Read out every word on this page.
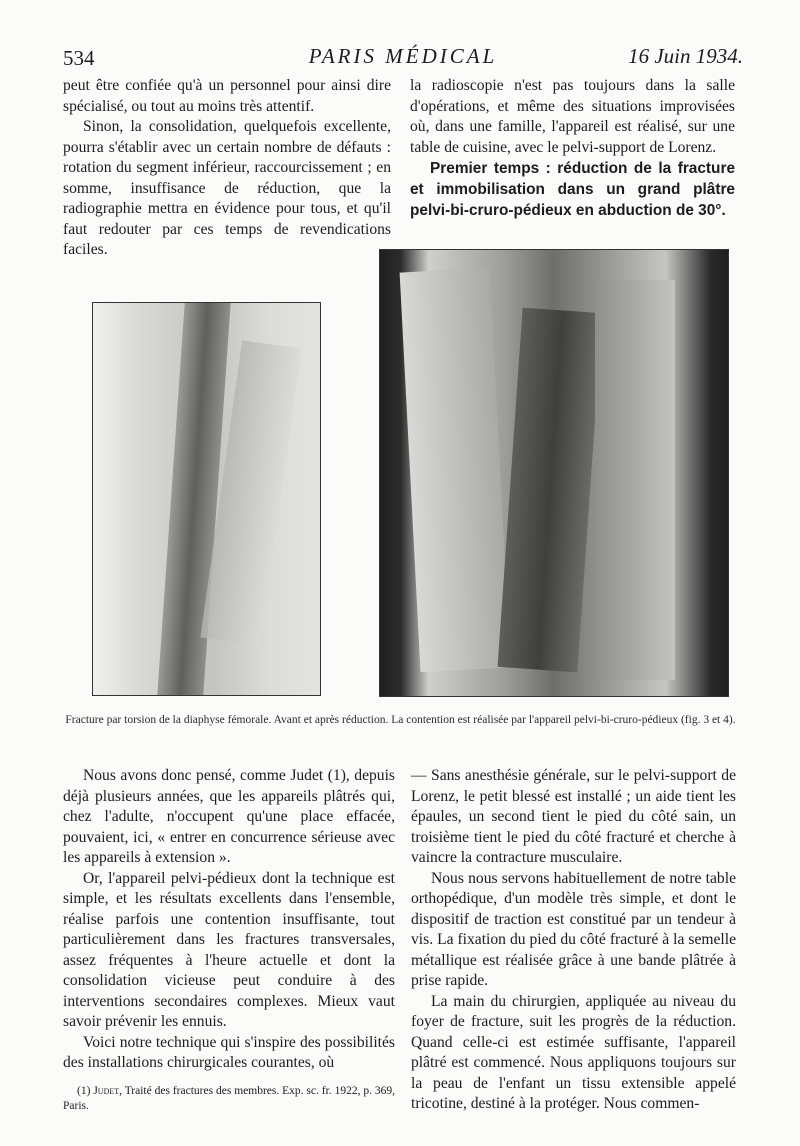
534	PARIS MÉDICAL	16 Juin 1934.

peut être confiée qu'à un personnel pour ainsi dire spécialisé, ou tout au moins très attentif.

Sinon, la consolidation, quelquefois excellente, pourra s'établir avec un certain nombre de défauts : rotation du segment inférieur, raccourcissement ; en somme, insuffisance de réduction, que la radiographie mettra en évidence pour tous, et qu'il faut redouter par ces temps de revendications faciles.

la radioscopie n'est pas toujours dans la salle d'opérations, et même des situations improvisées où, dans une famille, l'appareil est réalisé, sur une table de cuisine, avec le pelvi-support de Lorenz.

Premier temps : réduction de la fracture et immobilisation dans un grand plâtre pelvi-bi-cruro-pédieux en abduction de 30°.

Fracture par torsion de la diaphyse fémorale. Avant et après réduction. La contention est réalisée par l'appareil pelvi-bi-cruro-pédieux (fig. 3 et 4).

Nous avons donc pensé, comme Judet (1), depuis déjà plusieurs années, que les appareils plâtrés qui, chez l'adulte, n'occupent qu'une place effacée, pouvaient, ici, « entrer en concurrence sérieuse avec les appareils à extension ».

Or, l'appareil pelvi-pédieux dont la technique est simple, et les résultats excellents dans l'ensemble, réalise parfois une contention insuffisante, tout particulièrement dans les fractures transversales, assez fréquentes à l'heure actuelle et dont la consolidation vicieuse peut conduire à des interventions secondaires complexes. Mieux vaut savoir prévenir les ennuis.

Voici notre technique qui s'inspire des possibilités des installations chirurgicales courantes, où

(1) Judet, Traité des fractures des membres. Exp. sc. fr. 1922, p. 369, Paris.

— Sans anesthésie générale, sur le pelvi-support de Lorenz, le petit blessé est installé ; un aide tient les épaules, un second tient le pied du côté sain, un troisième tient le pied du côté fracturé et cherche à vaincre la contracture musculaire.

Nous nous servons habituellement de notre table orthopédique, d'un modèle très simple, et dont le dispositif de traction est constitué par un tendeur à vis. La fixation du pied du côté fracturé à la semelle métallique est réalisée grâce à une bande plâtrée à prise rapide.

La main du chirurgien, appliquée au niveau du foyer de fracture, suit les progrès de la réduction. Quand celle-ci est estimée suffisante, l'appareil plâtré est commencé. Nous appliquons toujours sur la peau de l'enfant un tissu extensible appelé tricotine, destiné à la protéger. Nous commen-
